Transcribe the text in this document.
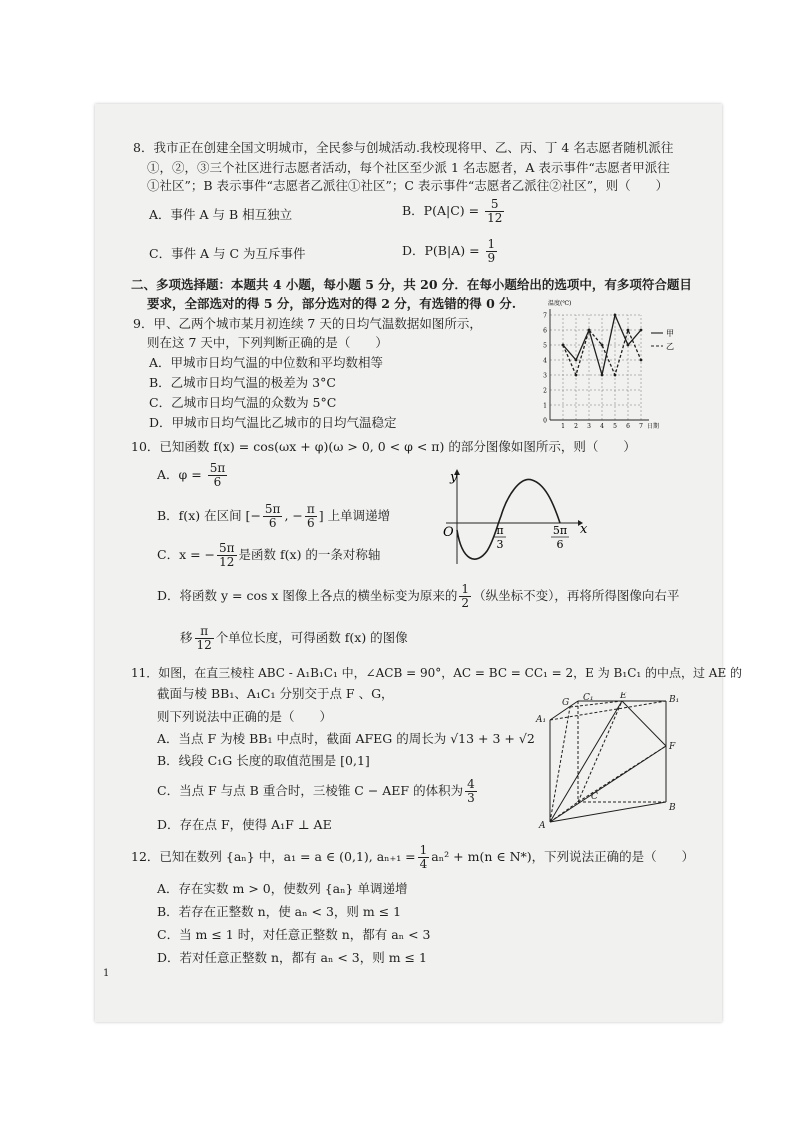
8．我市正在创建全国文明城市，全民参与创城活动.我校现将甲、乙、丙、丁 4 名志愿者随机派往
①，②，③三个社区进行志愿者活动，每个社区至少派 1 名志愿者，A 表示事件“志愿者甲派往
①社区”；B 表示事件“志愿者乙派往①社区”；C 表示事件“志愿者乙派往②社区”，则（　　）
A．事件 A 与 B 相互独立	B．$P(A|C) = \frac{5}{12}$
C．事件 A 与 C 为互斥事件	D．$P(B|A) = \frac{1}{9}$
二、多项选择题：本题共 4 小题，每小题 5 分，共 20 分．在每小题给出的选项中，有多项符合题目
要求，全部选对的得 5 分，部分选对的得 2 分，有选错的得 0 分.
9．甲、乙两个城市某月初连续 7 天的日均气温数据如图所示，
则在这 7 天中，下列判断正确的是（　　）
A．甲城市日均气温的中位数和平均数相等
B．乙城市日均气温的极差为 3°C
C．乙城市日均气温的众数为 5°C
D．甲城市日均气温比乙城市的日均气温稳定	0
1
2
3
4
5
6
7
1 2 3 4 5 6 7
温度(℃)
日期
甲
乙
10．已知函数 f(x) = cos(ωx + φ)(ω > 0, 0 < φ < π) 的部分图像如图所示，则（　　）
A．$\varphi = \frac{5\pi}{6}$
B．f(x) 在区间 [− $\frac{5\pi}{6}$ , − $\frac{\pi}{6}$ ] 上单调递增
C．x = − $\frac{5\pi}{12}$ 是函数 f(x) 的一条对称轴
D．将函数 y = cos x 图像上各点的横坐标变为原来的 $\frac{1}{2}$ （纵坐标不变），再将所得图像向右平
移 $\frac{\pi}{12}$ 个单位长度，可得函数 f(x) 的图像
y
x
O	π
3
5π
6
11．如图，在直三棱柱 ABC - A₁B₁C₁ 中，∠ACB = 90°，AC = BC = CC₁ = 2，E 为 B₁C₁ 的中点，过 AE 的
截面与棱 BB₁、A₁C₁ 分别交于点 F 、G，
则下列说法中正确的是（　　）
A．当点 F 为棱 BB₁ 中点时，截面 AFEG 的周长为 √13 + 3 + √2
B．线段 C₁G 长度的取值范围是 [0,1]
C．当点 F 与点 B 重合时，三棱锥 C − AEF 的体积为 $\frac{4}{3}$
D．存在点 F，使得 A₁F ⊥ AE
A₁
G C₁	E	B₁
F
C
A
B
12．已知在数列 {aₙ} 中，a₁ = a ∈ (0,1), $a_{n+1} = \frac{1}{4} a_n^2 + m(n$ ∈ N*)，下列说法正确的是（　　）
A．存在实数 m > 0，使数列 {aₙ} 单调递增
B．若存在正整数 n，使 aₙ < 3，则 m ≤ 1
C．当 m ≤ 1 时，对任意正整数 n，都有 aₙ < 3
D．若对任意正整数 n，都有 aₙ < 3，则 m ≤ 1
1
